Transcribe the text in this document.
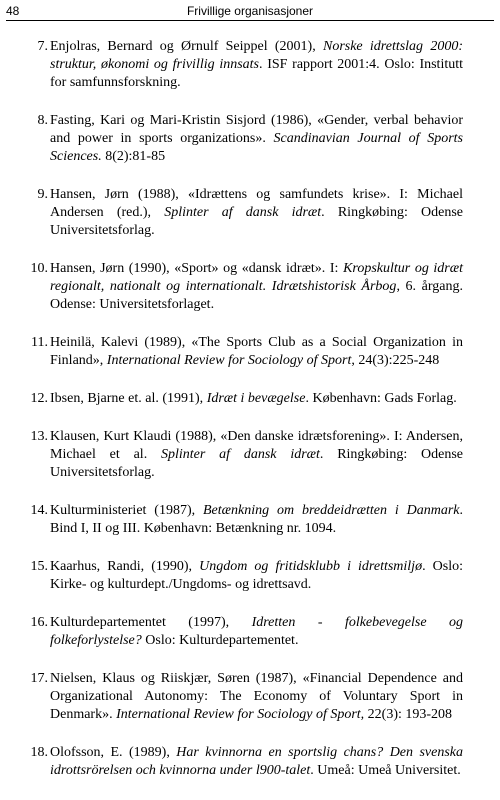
48	Frivillige organisasjoner
7. Enjolras, Bernard og Ørnulf Seippel (2001), Norske idrettslag 2000: struktur, økonomi og frivillig innsats. ISF rapport 2001:4. Oslo: Institutt for samfunnsforskning.
8. Fasting, Kari og Mari-Kristin Sisjord (1986), «Gender, verbal behavior and power in sports organizations». Scandinavian Journal of Sports Sciences. 8(2):81-85
9. Hansen, Jørn (1988), «Idrættens og samfundets krise». I: Michael Andersen (red.), Splinter af dansk idræt. Ringkøbing: Odense Universitetsforlag.
10. Hansen, Jørn (1990), «Sport» og «dansk idræt». I: Kropskultur og idræt regionalt, nationalt og internationalt. Idrætshistorisk Årbog, 6. årgang. Odense: Universitetsforlaget.
11. Heinilä, Kalevi (1989), «The Sports Club as a Social Organization in Finland», International Review for Sociology of Sport, 24(3):225-248
12. Ibsen, Bjarne et. al. (1991), Idræt i bevægelse. København: Gads Forlag.
13. Klausen, Kurt Klaudi (1988), «Den danske idrætsforening». I: Andersen, Michael et al. Splinter af dansk idræt. Ringkøbing: Odense Universitetsforlag.
14. Kulturministeriet (1987), Betænkning om breddeidrætten i Danmark. Bind I, II og III. København: Betænkning nr. 1094.
15. Kaarhus, Randi, (1990), Ungdom og fritidsklubb i idrettsmiljø. Oslo: Kirke- og kulturdept./Ungdoms- og idrettsavd.
16. Kulturdepartementet (1997), Idretten - folkebevegelse og folkeforlystelse? Oslo: Kulturdepartementet.
17. Nielsen, Klaus og Riiskjær, Søren (1987), «Financial Dependence and Organizational Autonomy: The Economy of Voluntary Sport in Denmark». International Review for Sociology of Sport, 22(3): 193-208
18. Olofsson, E. (1989), Har kvinnorna en sportslig chans? Den svenska idrottsrörelsen och kvinnorna under l900-talet. Umeå: Umeå Universitet.
